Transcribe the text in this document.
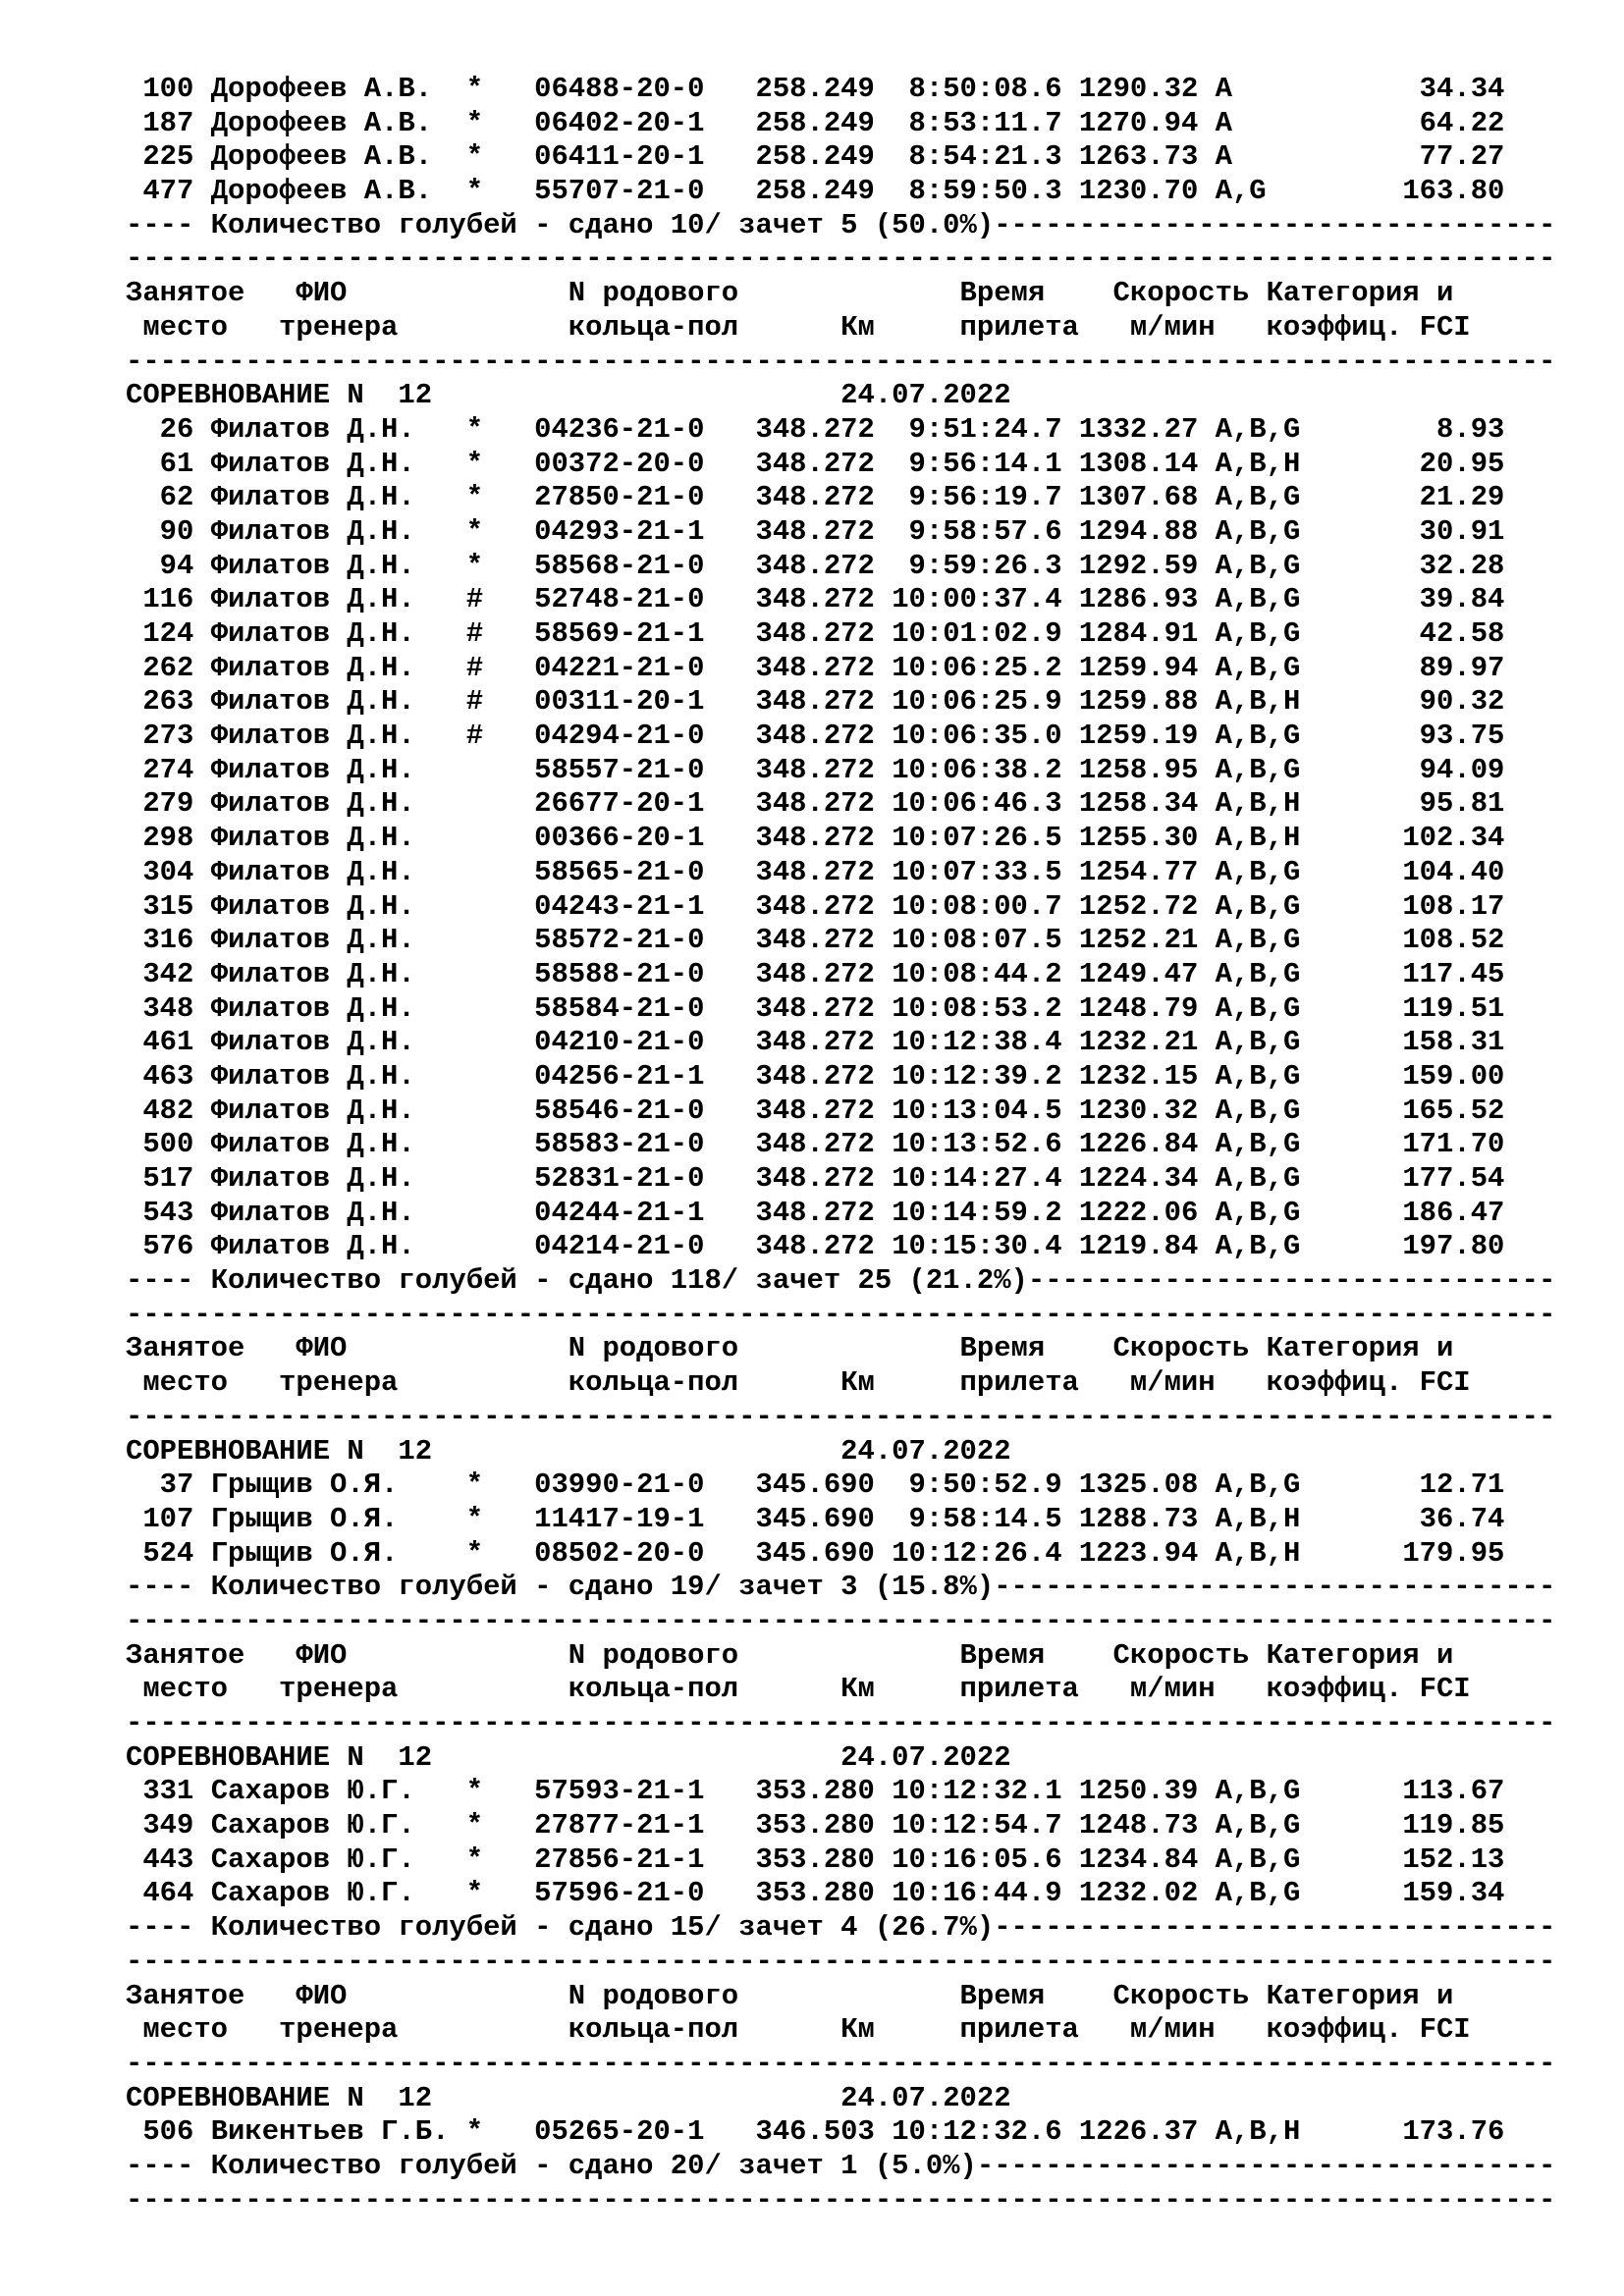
100 Дорофеев А.В.  *   06488-20-0   258.249  8:50:08.6 1290.32 A           34.34
187 Дорофеев А.В.  *   06402-20-1   258.249  8:53:11.7 1270.94 A           64.22
225 Дорофеев А.В.  *   06411-20-1   258.249  8:54:21.3 1263.73 A           77.27
477 Дорофеев А.В.  *   55707-21-0   258.249  8:59:50.3 1230.70 A,G        163.80
---- Количество голубей - сдано 10/ зачет 5 (50.0%)---------------------------------
------------------------------------------------------------------------------------
Занятое   ФИО             N родового             Время    Скорость Категория и
место   тренера          кольца-пол      Км     прилета   м/мин   коэффиц. FCI
------------------------------------------------------------------------------------
СОРЕВНОВАНИЕ N  12                        24.07.2022
26 Филатов Д.Н.   *   04236-21-0   348.272  9:51:24.7 1332.27 A,B,G        8.93
61 Филатов Д.Н.   *   00372-20-0   348.272  9:56:14.1 1308.14 A,B,H       20.95
62 Филатов Д.Н.   *   27850-21-0   348.272  9:56:19.7 1307.68 A,B,G       21.29
90 Филатов Д.Н.   *   04293-21-1   348.272  9:58:57.6 1294.88 A,B,G       30.91
94 Филатов Д.Н.   *   58568-21-0   348.272  9:59:26.3 1292.59 A,B,G       32.28
116 Филатов Д.Н.   #   52748-21-0   348.272 10:00:37.4 1286.93 A,B,G       39.84
124 Филатов Д.Н.   #   58569-21-1   348.272 10:01:02.9 1284.91 A,B,G       42.58
262 Филатов Д.Н.   #   04221-21-0   348.272 10:06:25.2 1259.94 A,B,G       89.97
263 Филатов Д.Н.   #   00311-20-1   348.272 10:06:25.9 1259.88 A,B,H       90.32
273 Филатов Д.Н.   #   04294-21-0   348.272 10:06:35.0 1259.19 A,B,G       93.75
274 Филатов Д.Н.       58557-21-0   348.272 10:06:38.2 1258.95 A,B,G       94.09
279 Филатов Д.Н.       26677-20-1   348.272 10:06:46.3 1258.34 A,B,H       95.81
298 Филатов Д.Н.       00366-20-1   348.272 10:07:26.5 1255.30 A,B,H      102.34
304 Филатов Д.Н.       58565-21-0   348.272 10:07:33.5 1254.77 A,B,G      104.40
315 Филатов Д.Н.       04243-21-1   348.272 10:08:00.7 1252.72 A,B,G      108.17
316 Филатов Д.Н.       58572-21-0   348.272 10:08:07.5 1252.21 A,B,G      108.52
342 Филатов Д.Н.       58588-21-0   348.272 10:08:44.2 1249.47 A,B,G      117.45
348 Филатов Д.Н.       58584-21-0   348.272 10:08:53.2 1248.79 A,B,G      119.51
461 Филатов Д.Н.       04210-21-0   348.272 10:12:38.4 1232.21 A,B,G      158.31
463 Филатов Д.Н.       04256-21-1   348.272 10:12:39.2 1232.15 A,B,G      159.00
482 Филатов Д.Н.       58546-21-0   348.272 10:13:04.5 1230.32 A,B,G      165.52
500 Филатов Д.Н.       58583-21-0   348.272 10:13:52.6 1226.84 A,B,G      171.70
517 Филатов Д.Н.       52831-21-0   348.272 10:14:27.4 1224.34 A,B,G      177.54
543 Филатов Д.Н.       04244-21-1   348.272 10:14:59.2 1222.06 A,B,G      186.47
576 Филатов Д.Н.       04214-21-0   348.272 10:15:30.4 1219.84 A,B,G      197.80
---- Количество голубей - сдано 118/ зачет 25 (21.2%)-------------------------------
------------------------------------------------------------------------------------
Занятое   ФИО             N родового             Время    Скорость Категория и
место   тренера          кольца-пол      Км     прилета   м/мин   коэффиц. FCI
------------------------------------------------------------------------------------
СОРЕВНОВАНИЕ N  12                        24.07.2022
37 Грыщив О.Я.    *   03990-21-0   345.690  9:50:52.9 1325.08 A,B,G       12.71
107 Грыщив О.Я.    *   11417-19-1   345.690  9:58:14.5 1288.73 A,B,H       36.74
524 Грыщив О.Я.    *   08502-20-0   345.690 10:12:26.4 1223.94 A,B,H      179.95
---- Количество голубей - сдано 19/ зачет 3 (15.8%)---------------------------------
------------------------------------------------------------------------------------
Занятое   ФИО             N родового             Время    Скорость Категория и
место   тренера          кольца-пол      Км     прилета   м/мин   коэффиц. FCI
------------------------------------------------------------------------------------
СОРЕВНОВАНИЕ N  12                        24.07.2022
331 Сахаров Ю.Г.   *   57593-21-1   353.280 10:12:32.1 1250.39 A,B,G      113.67
349 Сахаров Ю.Г.   *   27877-21-1   353.280 10:12:54.7 1248.73 A,B,G      119.85
443 Сахаров Ю.Г.   *   27856-21-1   353.280 10:16:05.6 1234.84 A,B,G      152.13
464 Сахаров Ю.Г.   *   57596-21-0   353.280 10:16:44.9 1232.02 A,B,G      159.34
---- Количество голубей - сдано 15/ зачет 4 (26.7%)---------------------------------
------------------------------------------------------------------------------------
Занятое   ФИО             N родового             Время    Скорость Категория и
место   тренера          кольца-пол      Км     прилета   м/мин   коэффиц. FCI
------------------------------------------------------------------------------------
СОРЕВНОВАНИЕ N  12                        24.07.2022
506 Викентьев Г.Б. *   05265-20-1   346.503 10:12:32.6 1226.37 A,B,H      173.76
---- Количество голубей - сдано 20/ зачет 1 (5.0%)----------------------------------
------------------------------------------------------------------------------------
